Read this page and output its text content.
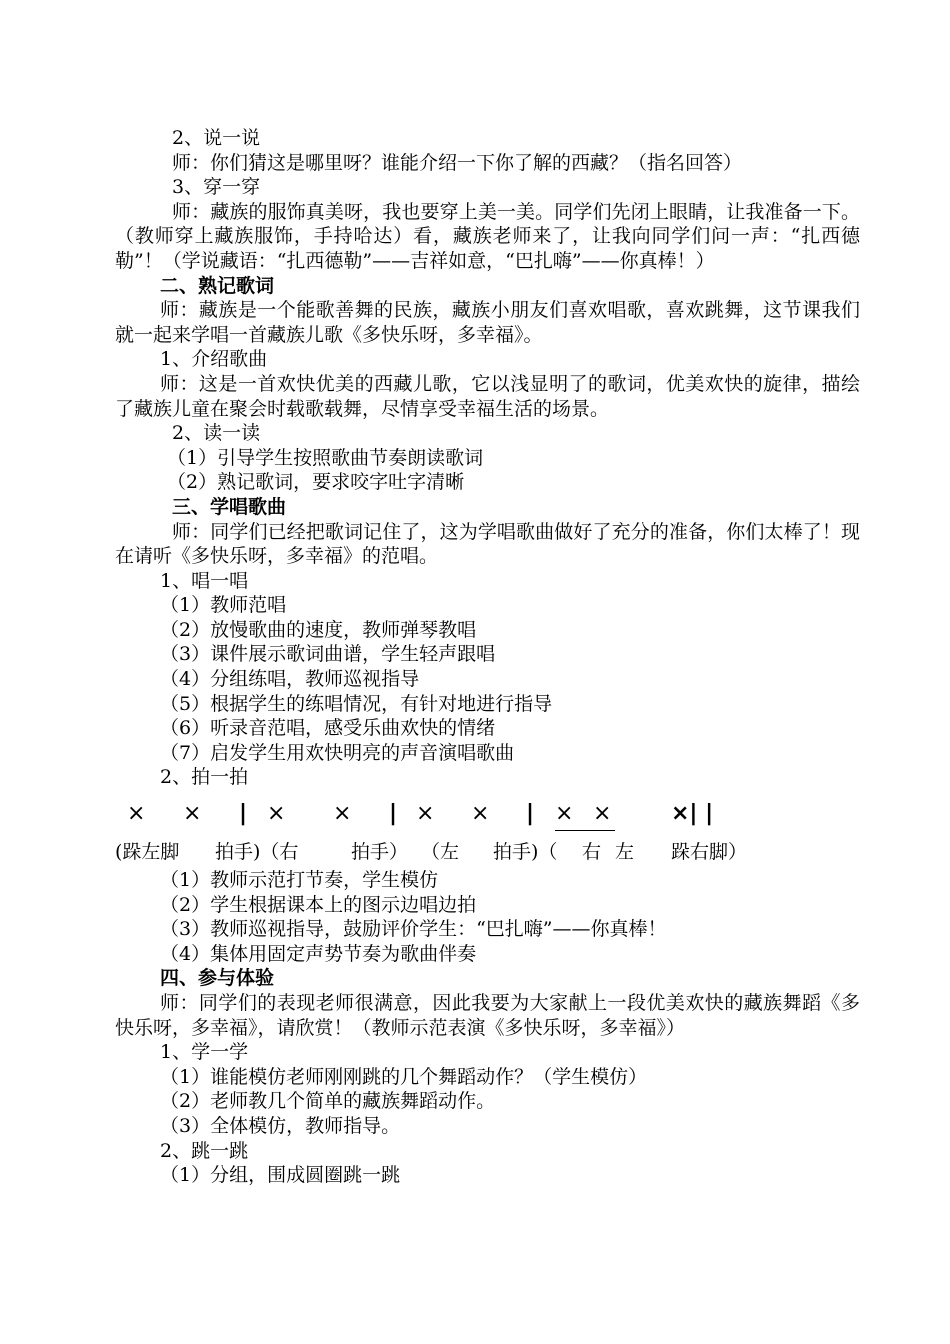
2、说一说

师：你们猜这是哪里呀？谁能介绍一下你了解的西藏？（指名回答）

3、穿一穿

师：藏族的服饰真美呀，我也要穿上美一美。同学们先闭上眼睛，让我准备一下。（教师穿上藏族服饰，手持哈达）看，藏族老师来了，让我向同学们问一声：“扎西德勒”！（学说藏语：“扎西德勒”——吉祥如意，“巴扎嗨”——你真棒！）

二、熟记歌词

师：藏族是一个能歌善舞的民族，藏族小朋友们喜欢唱歌，喜欢跳舞，这节课我们就一起来学唱一首藏族儿歌《多快乐呀，多幸福》。

1、介绍歌曲

师：这是一首欢快优美的西藏儿歌，它以浅显明了的歌词，优美欢快的旋律，描绘了藏族儿童在聚会时载歌载舞，尽情享受幸福生活的场景。

2、读一读

（1）引导学生按照歌曲节奏朗读歌词

（2）熟记歌词，要求咬字吐字清晰

三、学唱歌曲

师：同学们已经把歌词记住了，这为学唱歌曲做好了充分的准备，你们太棒了！现在请听《多快乐呀，多幸福》的范唱。

1、唱一唱

（1）教师范唱

（2）放慢歌曲的速度，教师弹琴教唱

（3）课件展示歌词曲谱，学生轻声跟唱

（4）分组练唱，教师巡视指导

（5）根据学生的练唱情况，有针对地进行指导

（6）听录音范唱，感受乐曲欢快的情绪

（7）启发学生用欢快明亮的声音演唱歌曲

2、拍一拍

× × | × × | × × | × ×	×| |
(跺左脚 拍手)（右	拍手） （左 拍手)（ 右 左 跺右脚）

（1）教师示范打节奏，学生模仿

（2）学生根据课本上的图示边唱边拍

（3）教师巡视指导，鼓励评价学生：“巴扎嗨”——你真棒！

（4）集体用固定声势节奏为歌曲伴奏

四、参与体验

师：同学们的表现老师很满意，因此我要为大家献上一段优美欢快的藏族舞蹈《多快乐呀，多幸福》，请欣赏！（教师示范表演《多快乐呀，多幸福》）

1、学一学

（1）谁能模仿老师刚刚跳的几个舞蹈动作？（学生模仿）

（2）老师教几个简单的藏族舞蹈动作。

（3）全体模仿，教师指导。

2、跳一跳

（1）分组，围成圆圈跳一跳
